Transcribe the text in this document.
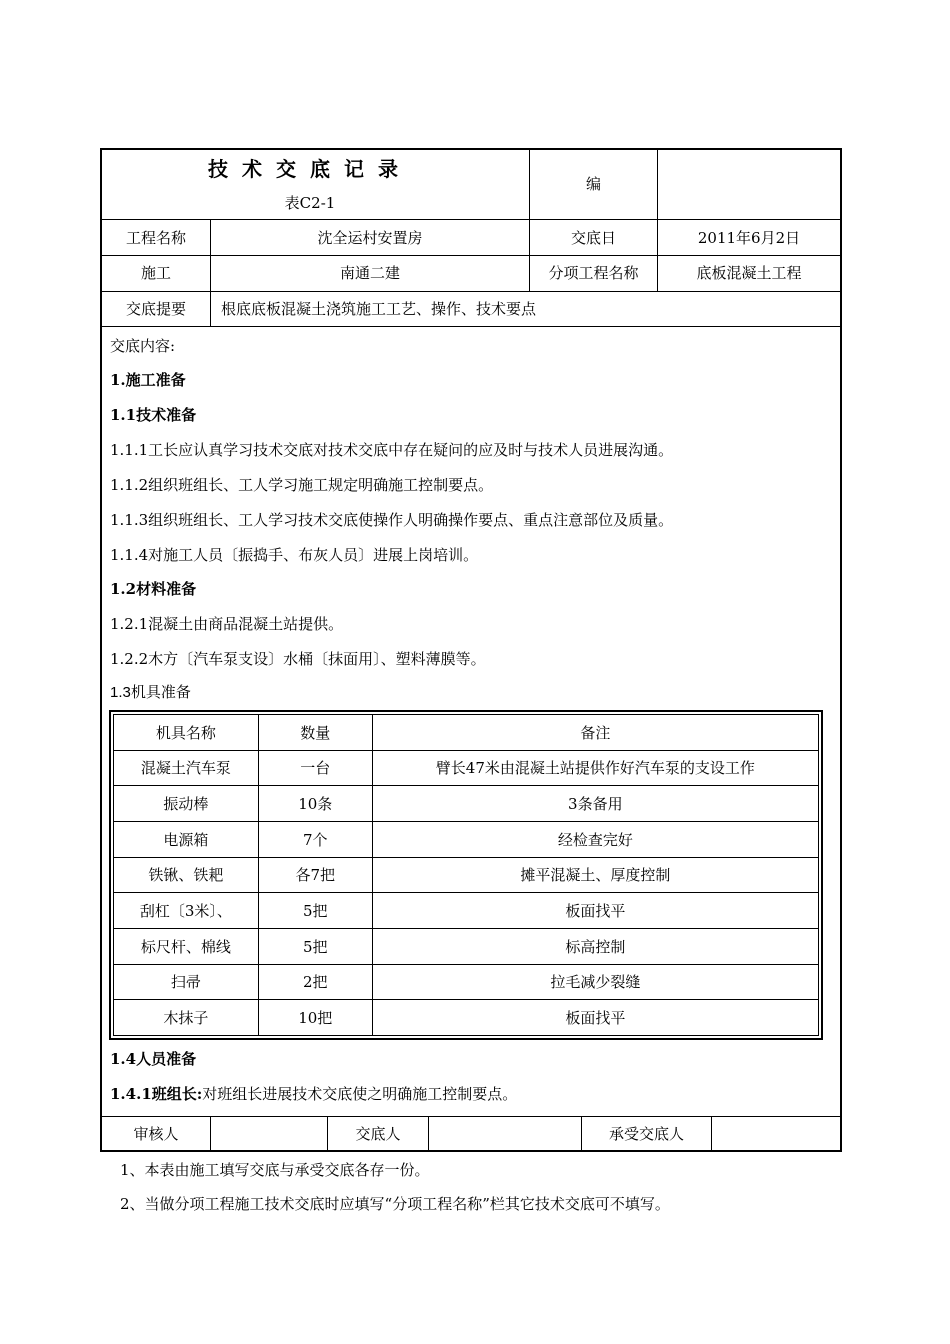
技术交底记录
表C2-1
编
工程名称	沈全运村安置房	交底日	2011年6月2日
施工	南通二建	分项工程名称	底板混凝土工程
交底提要	根底底板混凝土浇筑施工工艺、操作、技术要点
交底内容:
1.施工准备
1.1技术准备
1.1.1工长应认真学习技术交底对技术交底中存在疑问的应及时与技术人员进展沟通。
1.1.2组织班组长、工人学习施工规定明确施工控制要点。
1.1.3组织班组长、工人学习技术交底使操作人明确操作要点、重点注意部位及质量。
1.1.4对施工人员〔振捣手、布灰人员〕进展上岗培训。
1.2材料准备
1.2.1混凝土由商品混凝土站提供。
1.2.2木方〔汽车泵支设〕水桶〔抹面用〕、塑料薄膜等。
1.3机具准备
机具名称	数量	备注
混凝土汽车泵	一台	臂长47米由混凝土站提供作好汽车泵的支设工作
振动棒	10条	3条备用
电源箱	7个	经检查完好
铁锹、铁耙	各7把	摊平混凝土、厚度控制
刮杠〔3米〕、	5把	板面找平
标尺杆、棉线	5把	标高控制
扫帚	2把	拉毛减少裂缝
木抹子	10把	板面找平
1.4人员准备
1.4.1班组长:对班组长进展技术交底使之明确施工控制要点。
审核人	交底人	承受交底人
1、本表由施工填写交底与承受交底各存一份。
2、当做分项工程施工技术交底时应填写“分项工程名称”栏其它技术交底可不填写。
